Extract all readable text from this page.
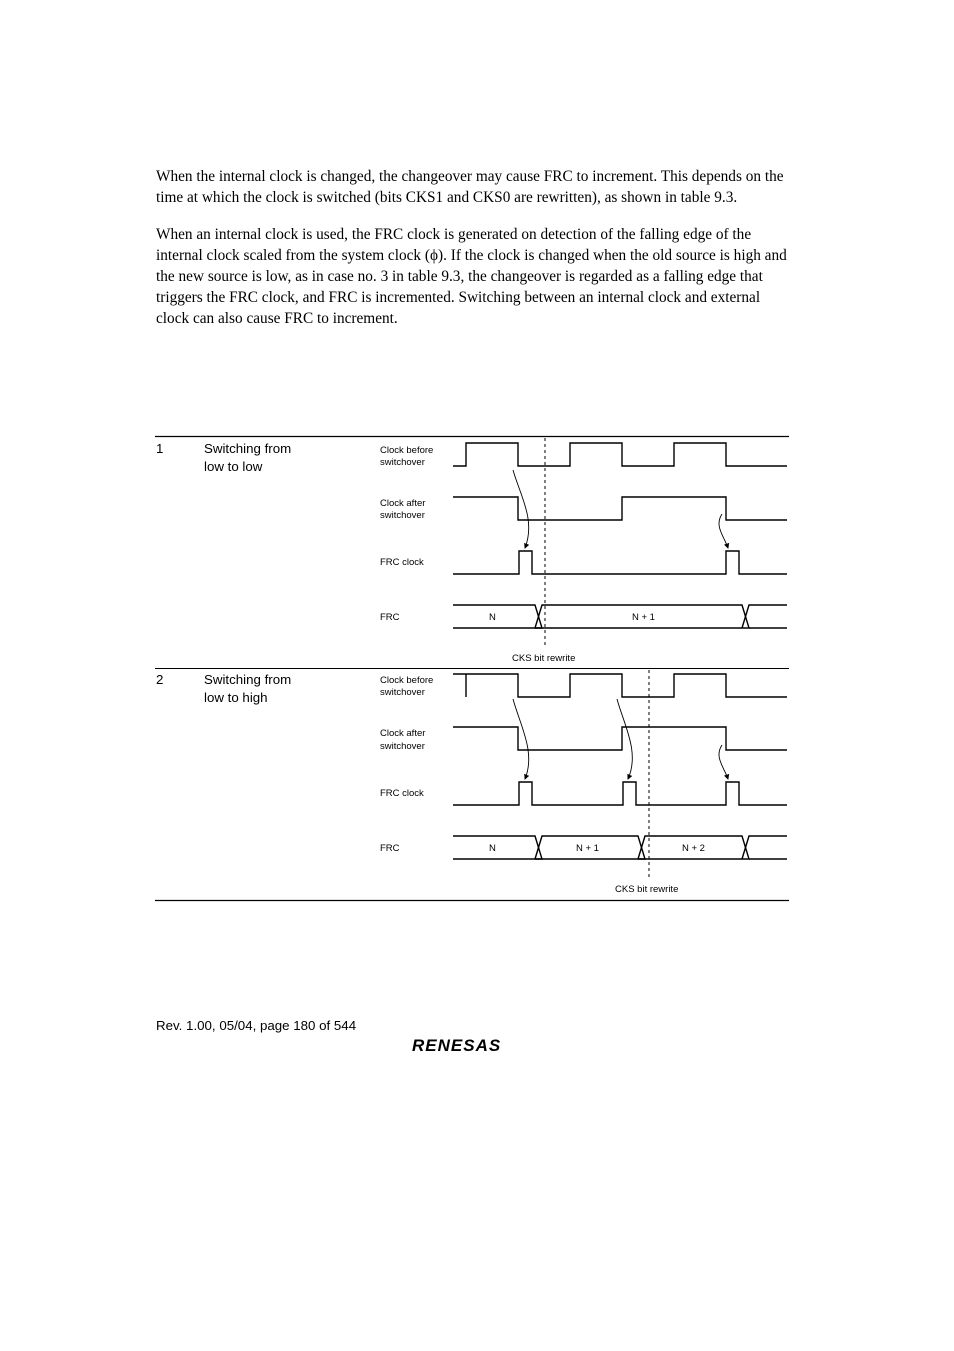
When the internal clock is changed, the changeover may cause FRC to increment. This depends on the time at which the clock is switched (bits CKS1 and CKS0 are rewritten), as shown in table 9.3.

When an internal clock is used, the FRC clock is generated on detection of the falling edge of the internal clock scaled from the system clock (ϕ). If the clock is changed when the old source is high and the new source is low, as in case no. 3 in table 9.3, the changeover is regarded as a falling edge that triggers the FRC clock, and FRC is incremented. Switching between an internal clock and external clock can also cause FRC to increment.

1	Switching from
low to low
Clock before
switchover
Clock after
switchover
FRC clock
FRC	N	N + 1
CKS bit rewrite
2	Switching from
low to high
Clock before
switchover
Clock after
switchover
FRC clock
FRC	N	N + 1	N + 2
CKS bit rewrite
Rev. 1.00, 05/04, page 180 of 544
RENESAS
